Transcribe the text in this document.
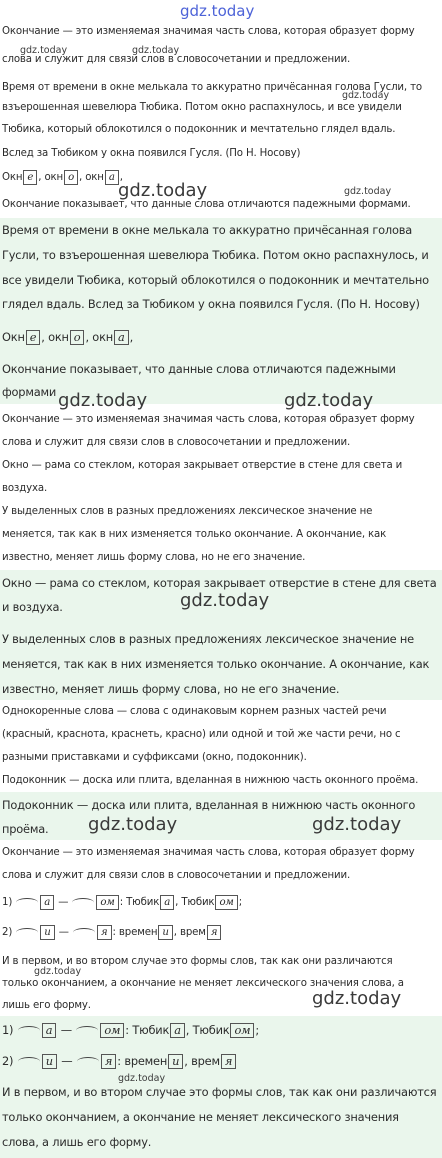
gdz.today
Окончание — это изменяемая значимая часть слова, которая образует форму
gdz.today	gdz.today
слова и служит для связи слов в словосочетании и предложении.
Время от времени в окне мелькала то аккуратно причёсанная голова Гусли, то
gdz.today
взъерошенная шевелюра Тюбика. Потом окно распахнулось, и все увидели
Тюбика, который облокотился о подоконник и мечтательно глядел вдаль.
Вслед за Тюбиком у окна появился Гусля. (По Н. Носову)
Окн е , окн о , окн а ,
gdz.today	gdz.today
Окончание показывает, что данные слова отличаются падежными формами.
Время от времени в окне мелькала то аккуратно причёсанная голова
Гусли, то взъерошенная шевелюра Тюбика. Потом окно распахнулось, и
все увидели Тюбика, который облокотился о подоконник и мечтательно
глядел вдаль. Вслед за Тюбиком у окна появился Гусля. (По Н. Носову)
Окн е , окн о , окн а ,
Окончание показывает, что данные слова отличаются падежными
формами gdz.today	gdz.today
Окончание — это изменяемая значимая часть слова, которая образует форму
слова и служит для связи слов в словосочетании и предложении.
Окно — рама со стеклом, которая закрывает отверстие в стене для света и
воздуха.
У выделенных слов в разных предложениях лексическое значение не
меняется, так как в них изменяется только окончание. А окончание, как
известно, меняет лишь форму слова, но не его значение.
Окно — рама со стеклом, которая закрывает отверстие в стене для света
gdz.today
и воздуха.
У выделенных слов в разных предложениях лексическое значение не
меняется, так как в них изменяется только окончание. А окончание, как
известно, меняет лишь форму слова, но не его значение.
Однокоренные слова — слова с одинаковым корнем разных частей речи
(красный, краснота, краснеть, красно) или одной и той же части речи, но с
разными приставками и суффиксами (окно, подоконник).
Подоконник — доска или плита, вделанная в нижнюю часть оконного проёма.
Подоконник — доска или плита, вделанная в нижнюю часть оконного
проёма. gdz.today	gdz.today
Окончание — это изменяемая значимая часть слова, которая образует форму
слова и служит для связи слов в словосочетании и предложении.
1)	а —	ом : Тюбик а , Тюбик ом ;
2)	и —	я : времен и , врем я
И в первом, и во втором случае это формы слов, так как они различаются
gdz.today
только окончанием, а окончание не меняет лексического значения слова, а
gdz.today
лишь его форму.
1)	а —	ом : Тюбик а , Тюбик ом ;
2)	и —	я : времен и , врем я
gdz.today
И в первом, и во втором случае это формы слов, так как они различаются
только окончанием, а окончание не меняет лексического значения
слова, а лишь его форму.
